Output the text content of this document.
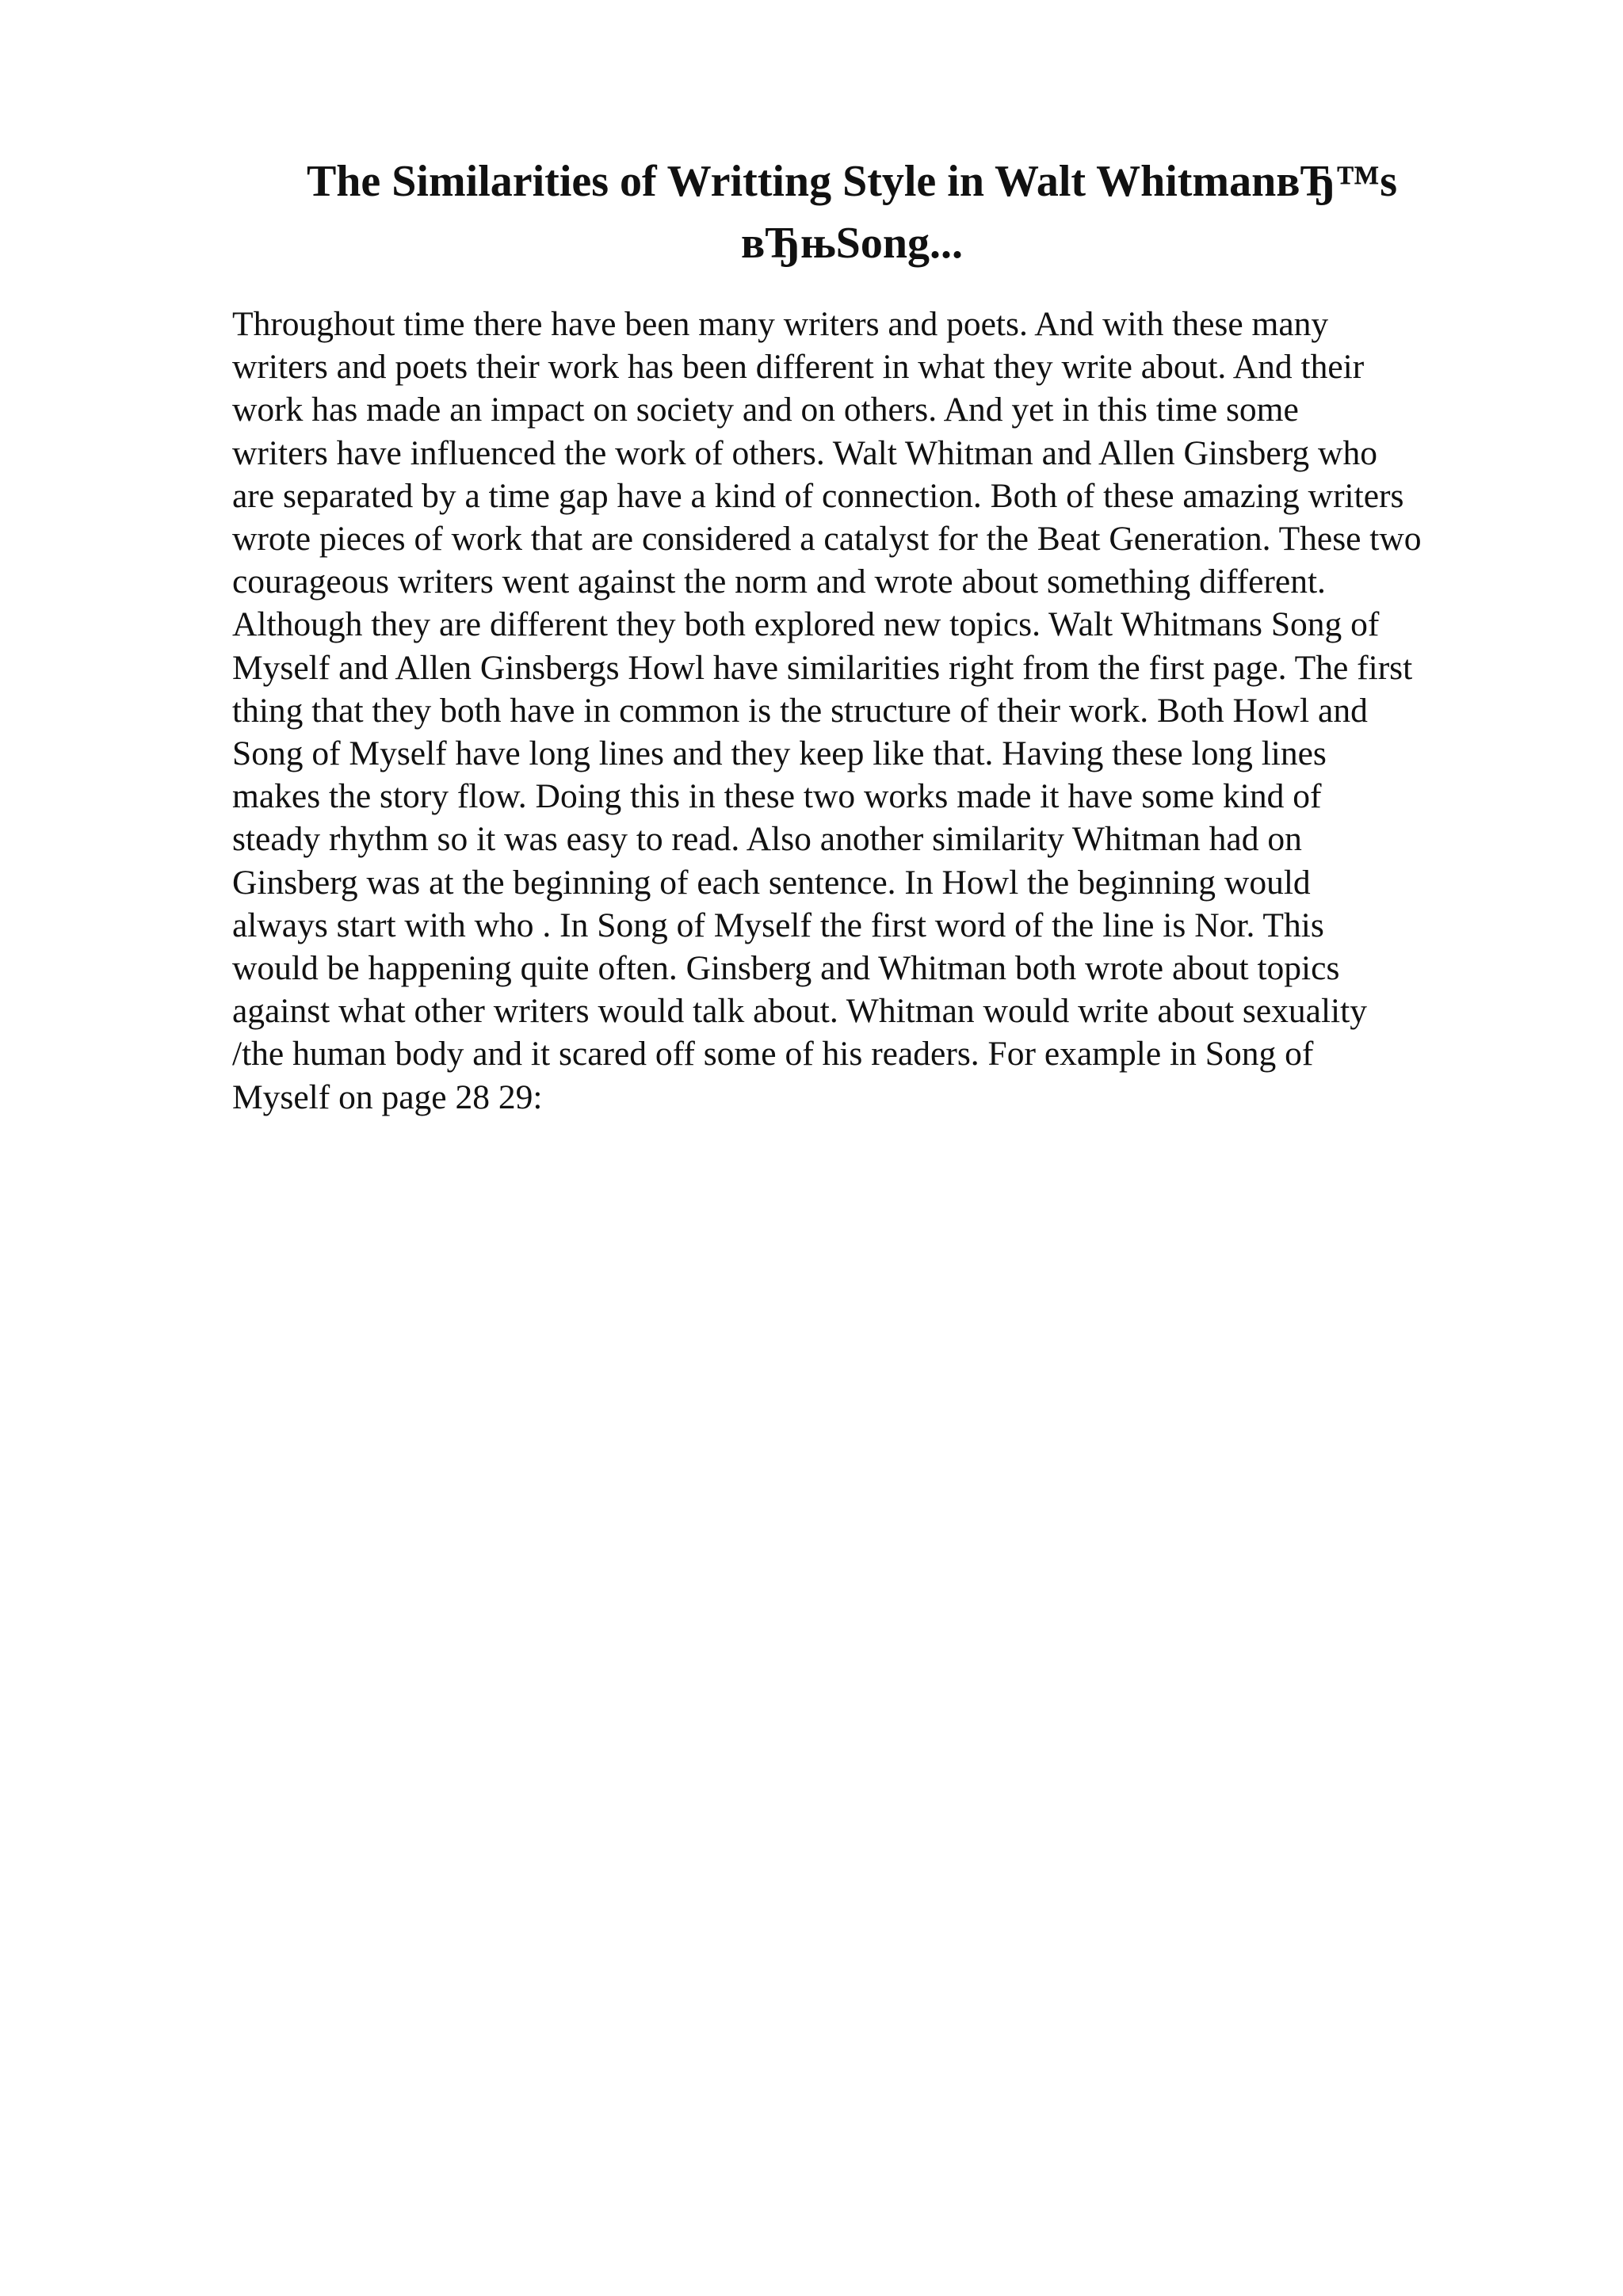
The Similarities of Writting Style in Walt WhitmanвЂ™s
вЂњSong...
Throughout time there have been many writers and poets. And with these many
writers and poets their work has been different in what they write about. And their
work has made an impact on society and on others. And yet in this time some
writers have influenced the work of others. Walt Whitman and Allen Ginsberg who
are separated by a time gap have a kind of connection. Both of these amazing writers
wrote pieces of work that are considered a catalyst for the Beat Generation. These two
courageous writers went against the norm and wrote about something different.
Although they are different they both explored new topics. Walt Whitmans Song of
Myself and Allen Ginsbergs Howl have similarities right from the first page. The first
thing that they both have in common is the structure of their work. Both Howl and
Song of Myself have long lines and they keep like that. Having these long lines
makes the story flow. Doing this in these two works made it have some kind of
steady rhythm so it was easy to read. Also another similarity Whitman had on
Ginsberg was at the beginning of each sentence. In Howl the beginning would
always start with who . In Song of Myself the first word of the line is Nor. This
would be happening quite often. Ginsberg and Whitman both wrote about topics
against what other writers would talk about. Whitman would write about sexuality
/the human body and it scared off some of his readers. For example in Song of
Myself on page 28 29:
